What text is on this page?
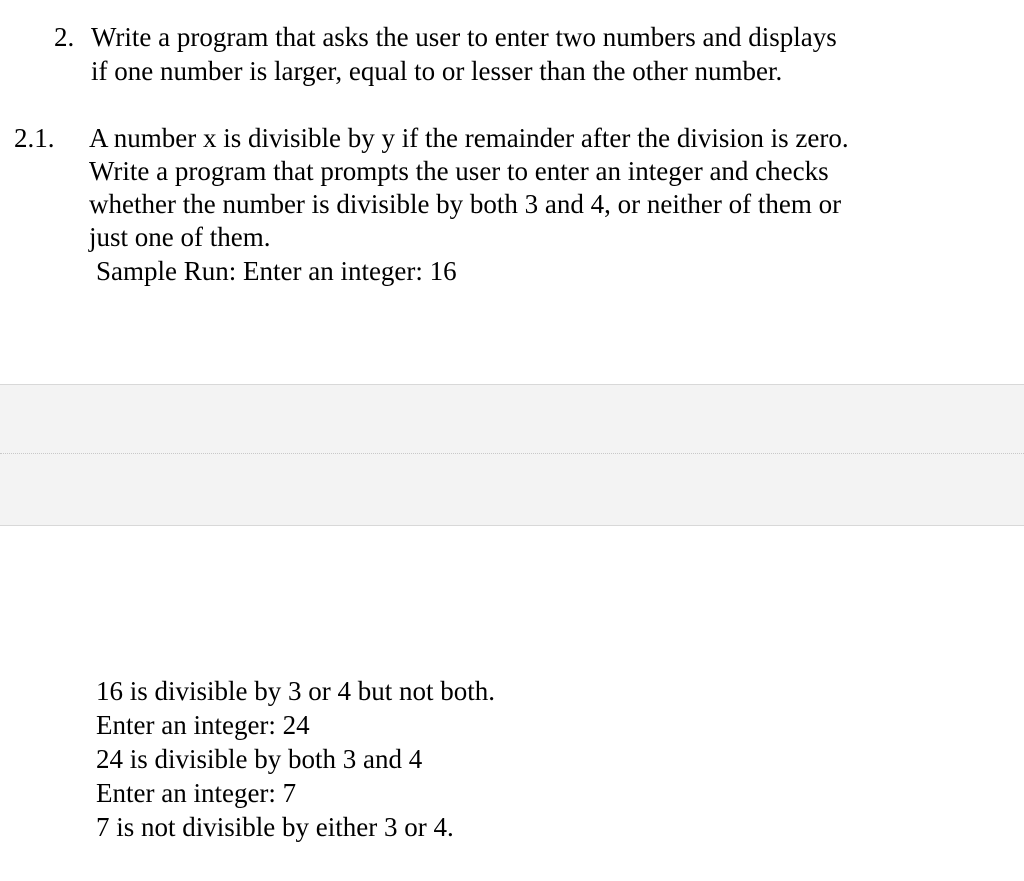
2. Write a program that asks the user to enter two numbers and displays
if one number is larger, equal to or lesser than the other number.
2.1. A number x is divisible by y if the remainder after the division is zero.
Write a program that prompts the user to enter an integer and checks
whether the number is divisible by both 3 and 4, or neither of them or
just one of them.
Sample Run: Enter an integer: 16
16 is divisible by 3 or 4 but not both.
Enter an integer: 24
24 is divisible by both 3 and 4
Enter an integer: 7
7 is not divisible by either 3 or 4.
